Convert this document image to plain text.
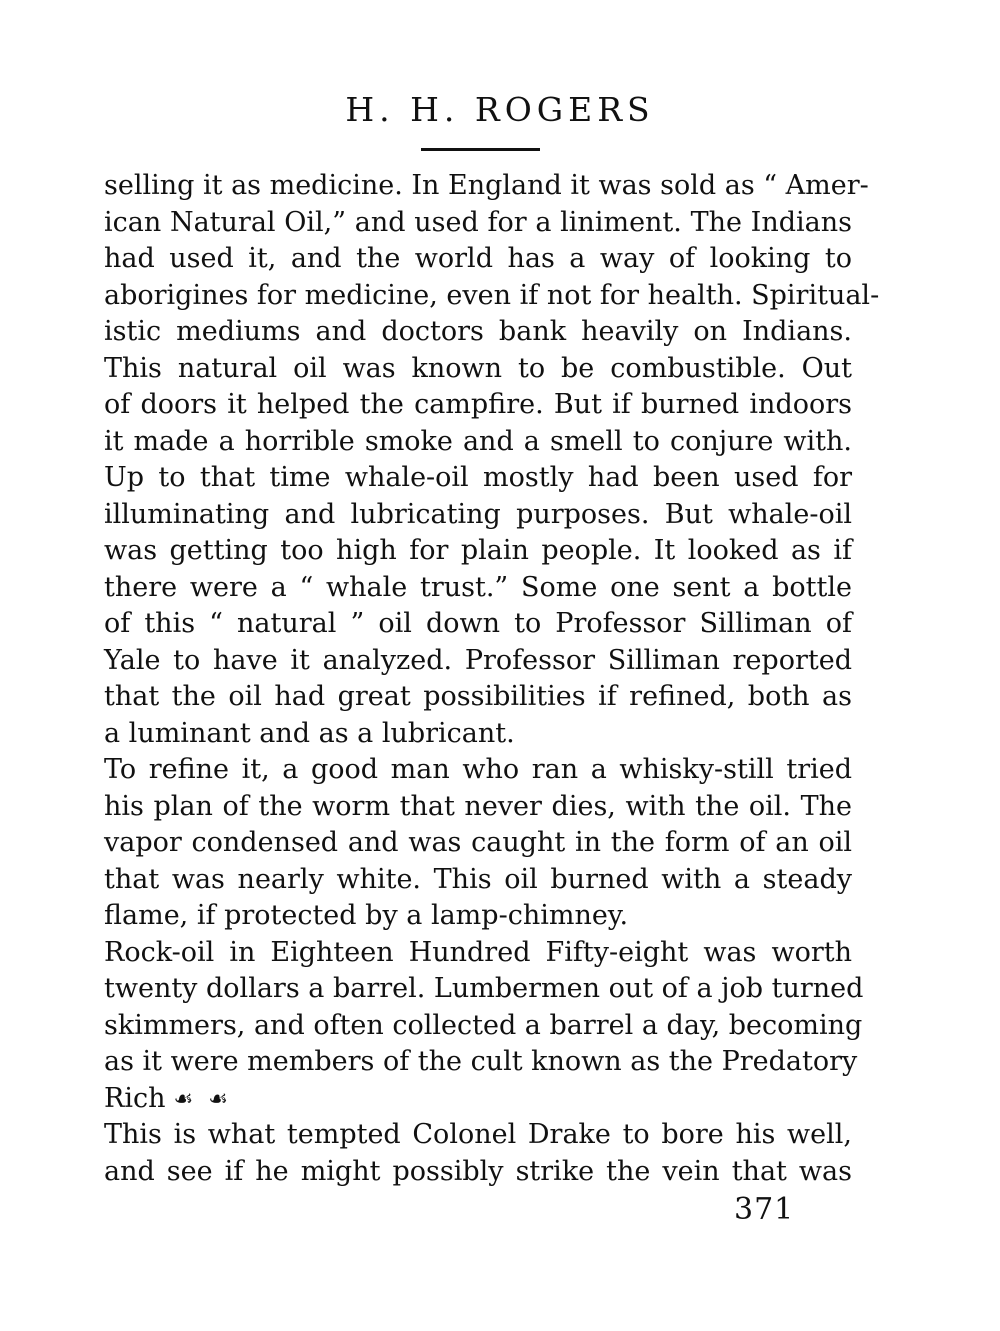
H. H. ROGERS
selling it as medicine. In England it was sold as “ Amer-
ican Natural Oil,” and used for a liniment. The Indians
had used it, and the world has a way of looking to
aborigines for medicine, even if not for health. Spiritual-
istic mediums and doctors bank heavily on Indians.
This natural oil was known to be combustible. Out
of doors it helped the campfire. But if burned indoors
it made a horrible smoke and a smell to conjure with.
Up to that time whale-oil mostly had been used for
illuminating and lubricating purposes. But whale-oil
was getting too high for plain people. It looked as if
there were a “ whale trust.” Some one sent a bottle
of this “ natural ” oil down to Professor Silliman of
Yale to have it analyzed. Professor Silliman reported
that the oil had great possibilities if refined, both as
a luminant and as a lubricant.
To refine it, a good man who ran a whisky-still tried
his plan of the worm that never dies, with the oil. The
vapor condensed and was caught in the form of an oil
that was nearly white. This oil burned with a steady
flame, if protected by a lamp-chimney.
Rock-oil in Eighteen Hundred Fifty-eight was worth
twenty dollars a barrel. Lumbermen out of a job turned
skimmers, and often collected a barrel a day, becoming
as it were members of the cult known as the Predatory
Rich ☙ ☙
This is what tempted Colonel Drake to bore his well,
and see if he might possibly strike the vein that was
371
